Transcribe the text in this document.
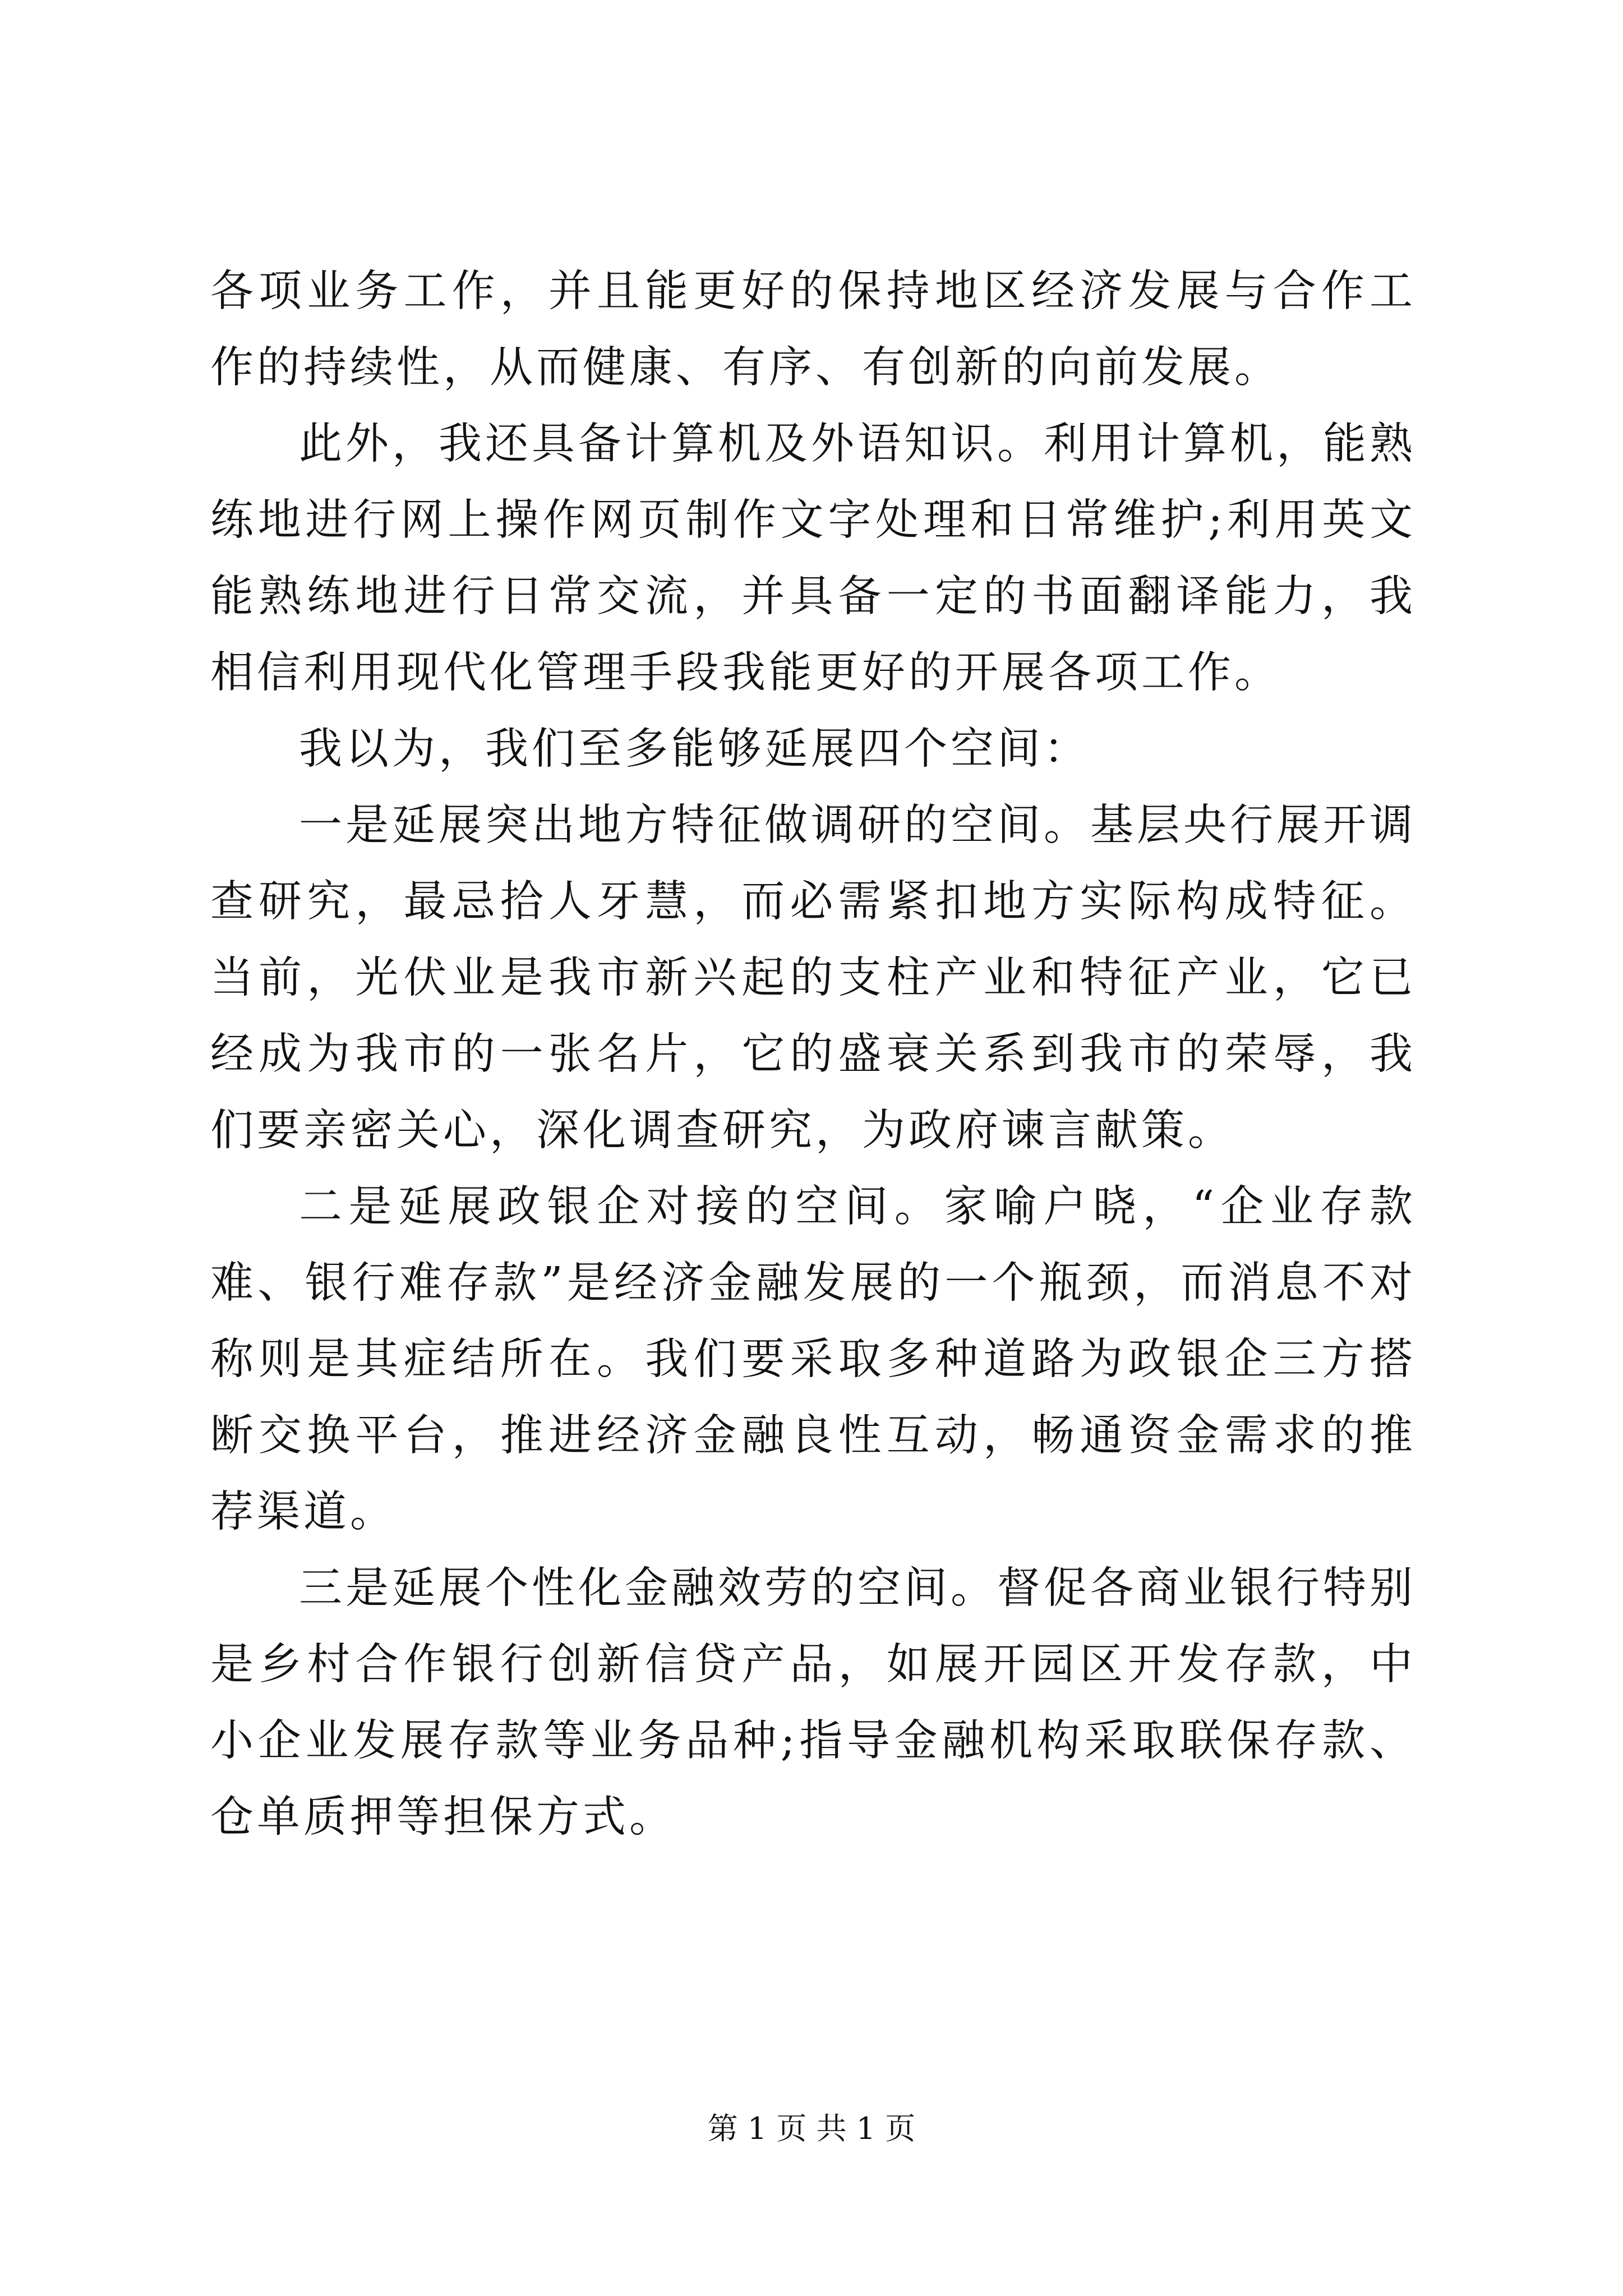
各项业务工作，并且能更好的保持地区经济发展与合作工作的持续性，从而健康、有序、有创新的向前发展。

此外，我还具备计算机及外语知识。利用计算机，能熟练地进行网上操作网页制作文字处理和日常维护;利用英文能熟练地进行日常交流，并具备一定的书面翻译能力，我相信利用现代化管理手段我能更好的开展各项工作。

我以为，我们至多能够延展四个空间：

一是延展突出地方特征做调研的空间。基层央行展开调查研究，最忌拾人牙慧，而必需紧扣地方实际构成特征。当前，光伏业是我市新兴起的支柱产业和特征产业，它已经成为我市的一张名片，它的盛衰关系到我市的荣辱，我们要亲密关心，深化调查研究，为政府谏言献策。

二是延展政银企对接的空间。家喻户晓，“企业存款难、银行难存款”是经济金融发展的一个瓶颈，而消息不对称则是其症结所在。我们要采取多种道路为政银企三方搭断交换平台，推进经济金融良性互动，畅通资金需求的推荐渠道。

三是延展个性化金融效劳的空间。督促各商业银行特别是乡村合作银行创新信贷产品，如展开园区开发存款，中小企业发展存款等业务品种;指导金融机构采取联保存款、仓单质押等担保方式。

第 1 页 共 1 页
